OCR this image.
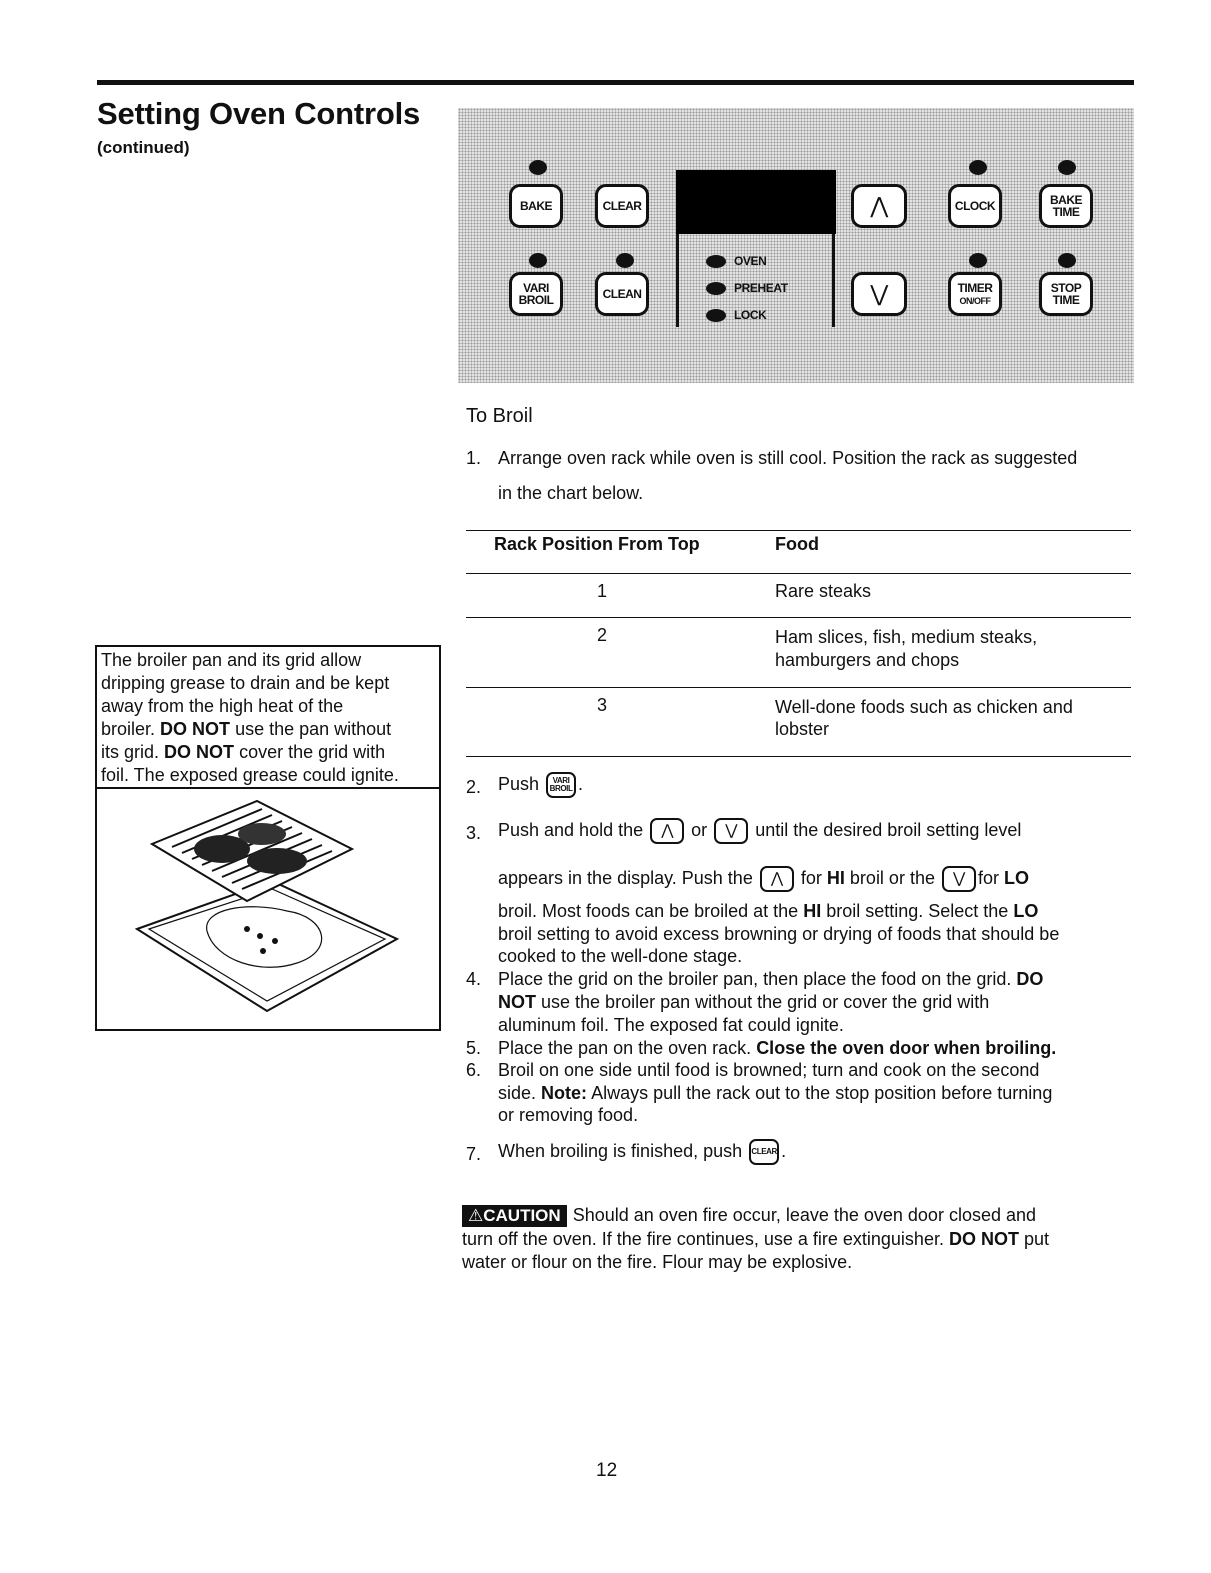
Setting Oven Controls
(continued)
BAKE	CLEAR
VARI
BROIL	CLEAN
OVEN
PREHEAT
LOCK
⋀
⋁
CLOCK
TIMER
ON/OFF
BAKE
TIME
STOP
TIME
To Broil
1. Arrange oven rack while oven is still cool. Position the rack as suggested
in the chart below.
Rack Position From Top	Food
1	Rare steaks
2	Ham slices, fish, medium steaks,
hamburgers and chops
3	Well-done foods such as chicken and
lobster
2. Push	VARI
BROIL .
3. Push and hold the ⋀ or ⋁ until the desired broil setting level
appears in the display. Push the ⋀ for HI broil or the ⋁ for LO
broil. Most foods can be broiled at the HI broil setting. Select the LO
broil setting to avoid excess browning or drying of foods that should be
cooked to the well-done stage.
4. Place the grid on the broiler pan, then place the food on the grid. DO
NOT use the broiler pan without the grid or cover the grid with
aluminum foil. The exposed fat could ignite.
5. Place the pan on the oven rack. Close the oven door when broiling.
6. Broil on one side until food is browned; turn and cook on the second
side. Note: Always pull the rack out to the stop position before turning
or removing food.
7. When broiling is finished, push CLEAR .
⚠CAUTION Should an oven fire occur, leave the oven door closed and
turn off the oven. If the fire continues, use a fire extinguisher. DO NOT put
water or flour on the fire. Flour may be explosive.
The broiler pan and its grid allow
dripping grease to drain and be kept
away from the high heat of the
broiler. DO NOT use the pan without
its grid. DO NOT cover the grid with
foil. The exposed grease could ignite.
12
